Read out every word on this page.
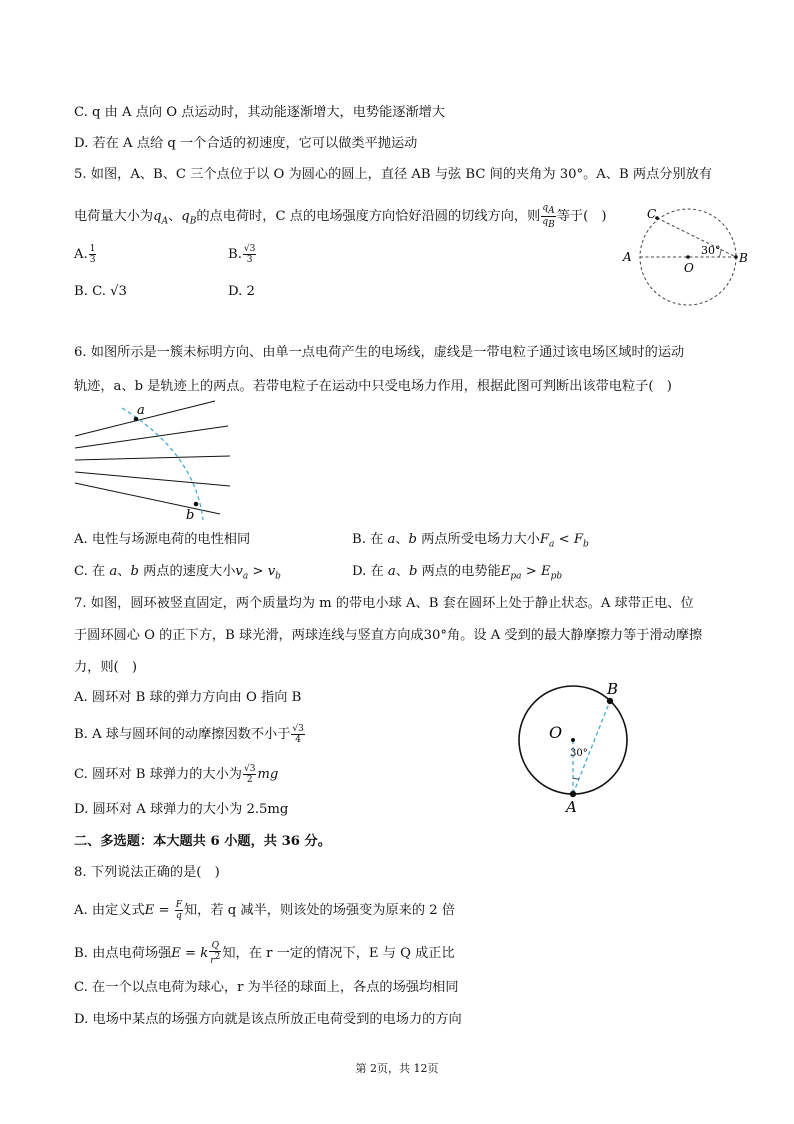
C. q 由 A 点向 O 点运动时，其动能逐渐增大，电势能逐渐增大
D. 若在 A 点给 q 一个合适的初速度，它可以做类平抛运动
5. 如图，A、B、C 三个点位于以 O 为圆心的圆上，直径 AB 与弦 BC 间的夹角为 30°。A、B 两点分别放有
电荷量大小为$q_A$、$q_B$的点电荷时，C 点的电场强度方向恰好沿圆的切线方向，则 $\frac{q_A}{q_B}$ 等于(　)
A. $\frac{1}{3}$	B. $\frac{√3}{3}$
B. C. √3	D. 2
A	B
C
O
30°
6. 如图所示是一簇未标明方向、由单一点电荷产生的电场线，虚线是一带电粒子通过该电场区域时的运动
轨迹，a、b 是轨迹上的两点。若带电粒子在运动中只受电场力作用，根据此图可判断出该带电粒子(　)
a
b
A. 电性与场源电荷的电性相同	B. 在 a、b 两点所受电场力大小$F_a < F_b$
C. 在 a、b 两点的速度大小$v_a > v_b$	D. 在 a、b 两点的电势能$E_{pa} > E_{pb}$
7. 如图，圆环被竖直固定，两个质量均为 m 的带电小球 A、B 套在圆环上处于静止状态。A 球带正电、位
于圆环圆心 O 的正下方，B 球光滑，两球连线与竖直方向成30°角。设 A 受到的最大静摩擦力等于滑动摩擦
力，则(　)
A. 圆环对 B 球的弹力方向由 O 指向 B
B. A 球与圆环间的动摩擦因数不小于 $\frac{√3}{4}$
C. 圆环对 B 球弹力的大小为 $\frac{√3}{2}$ mg
D. 圆环对 A 球弹力的大小为 2.5mg
O
A
B
30°
二、多选题：本大题共 6 小题，共 36 分。
8. 下列说法正确的是(　)
A. 由定义式$E = \frac{F}{q}$ 知，若 q 减半，则该处的场强变为原来的 2 倍
B. 由点电荷场强E = k $\frac{Q}{r^2}$ 知，在 r 一定的情况下，E 与 Q 成正比
C. 在一个以点电荷为球心，r 为半径的球面上，各点的场强均相同
D. 电场中某点的场强方向就是该点所放正电荷受到的电场力的方向
第 2页，共 12页
